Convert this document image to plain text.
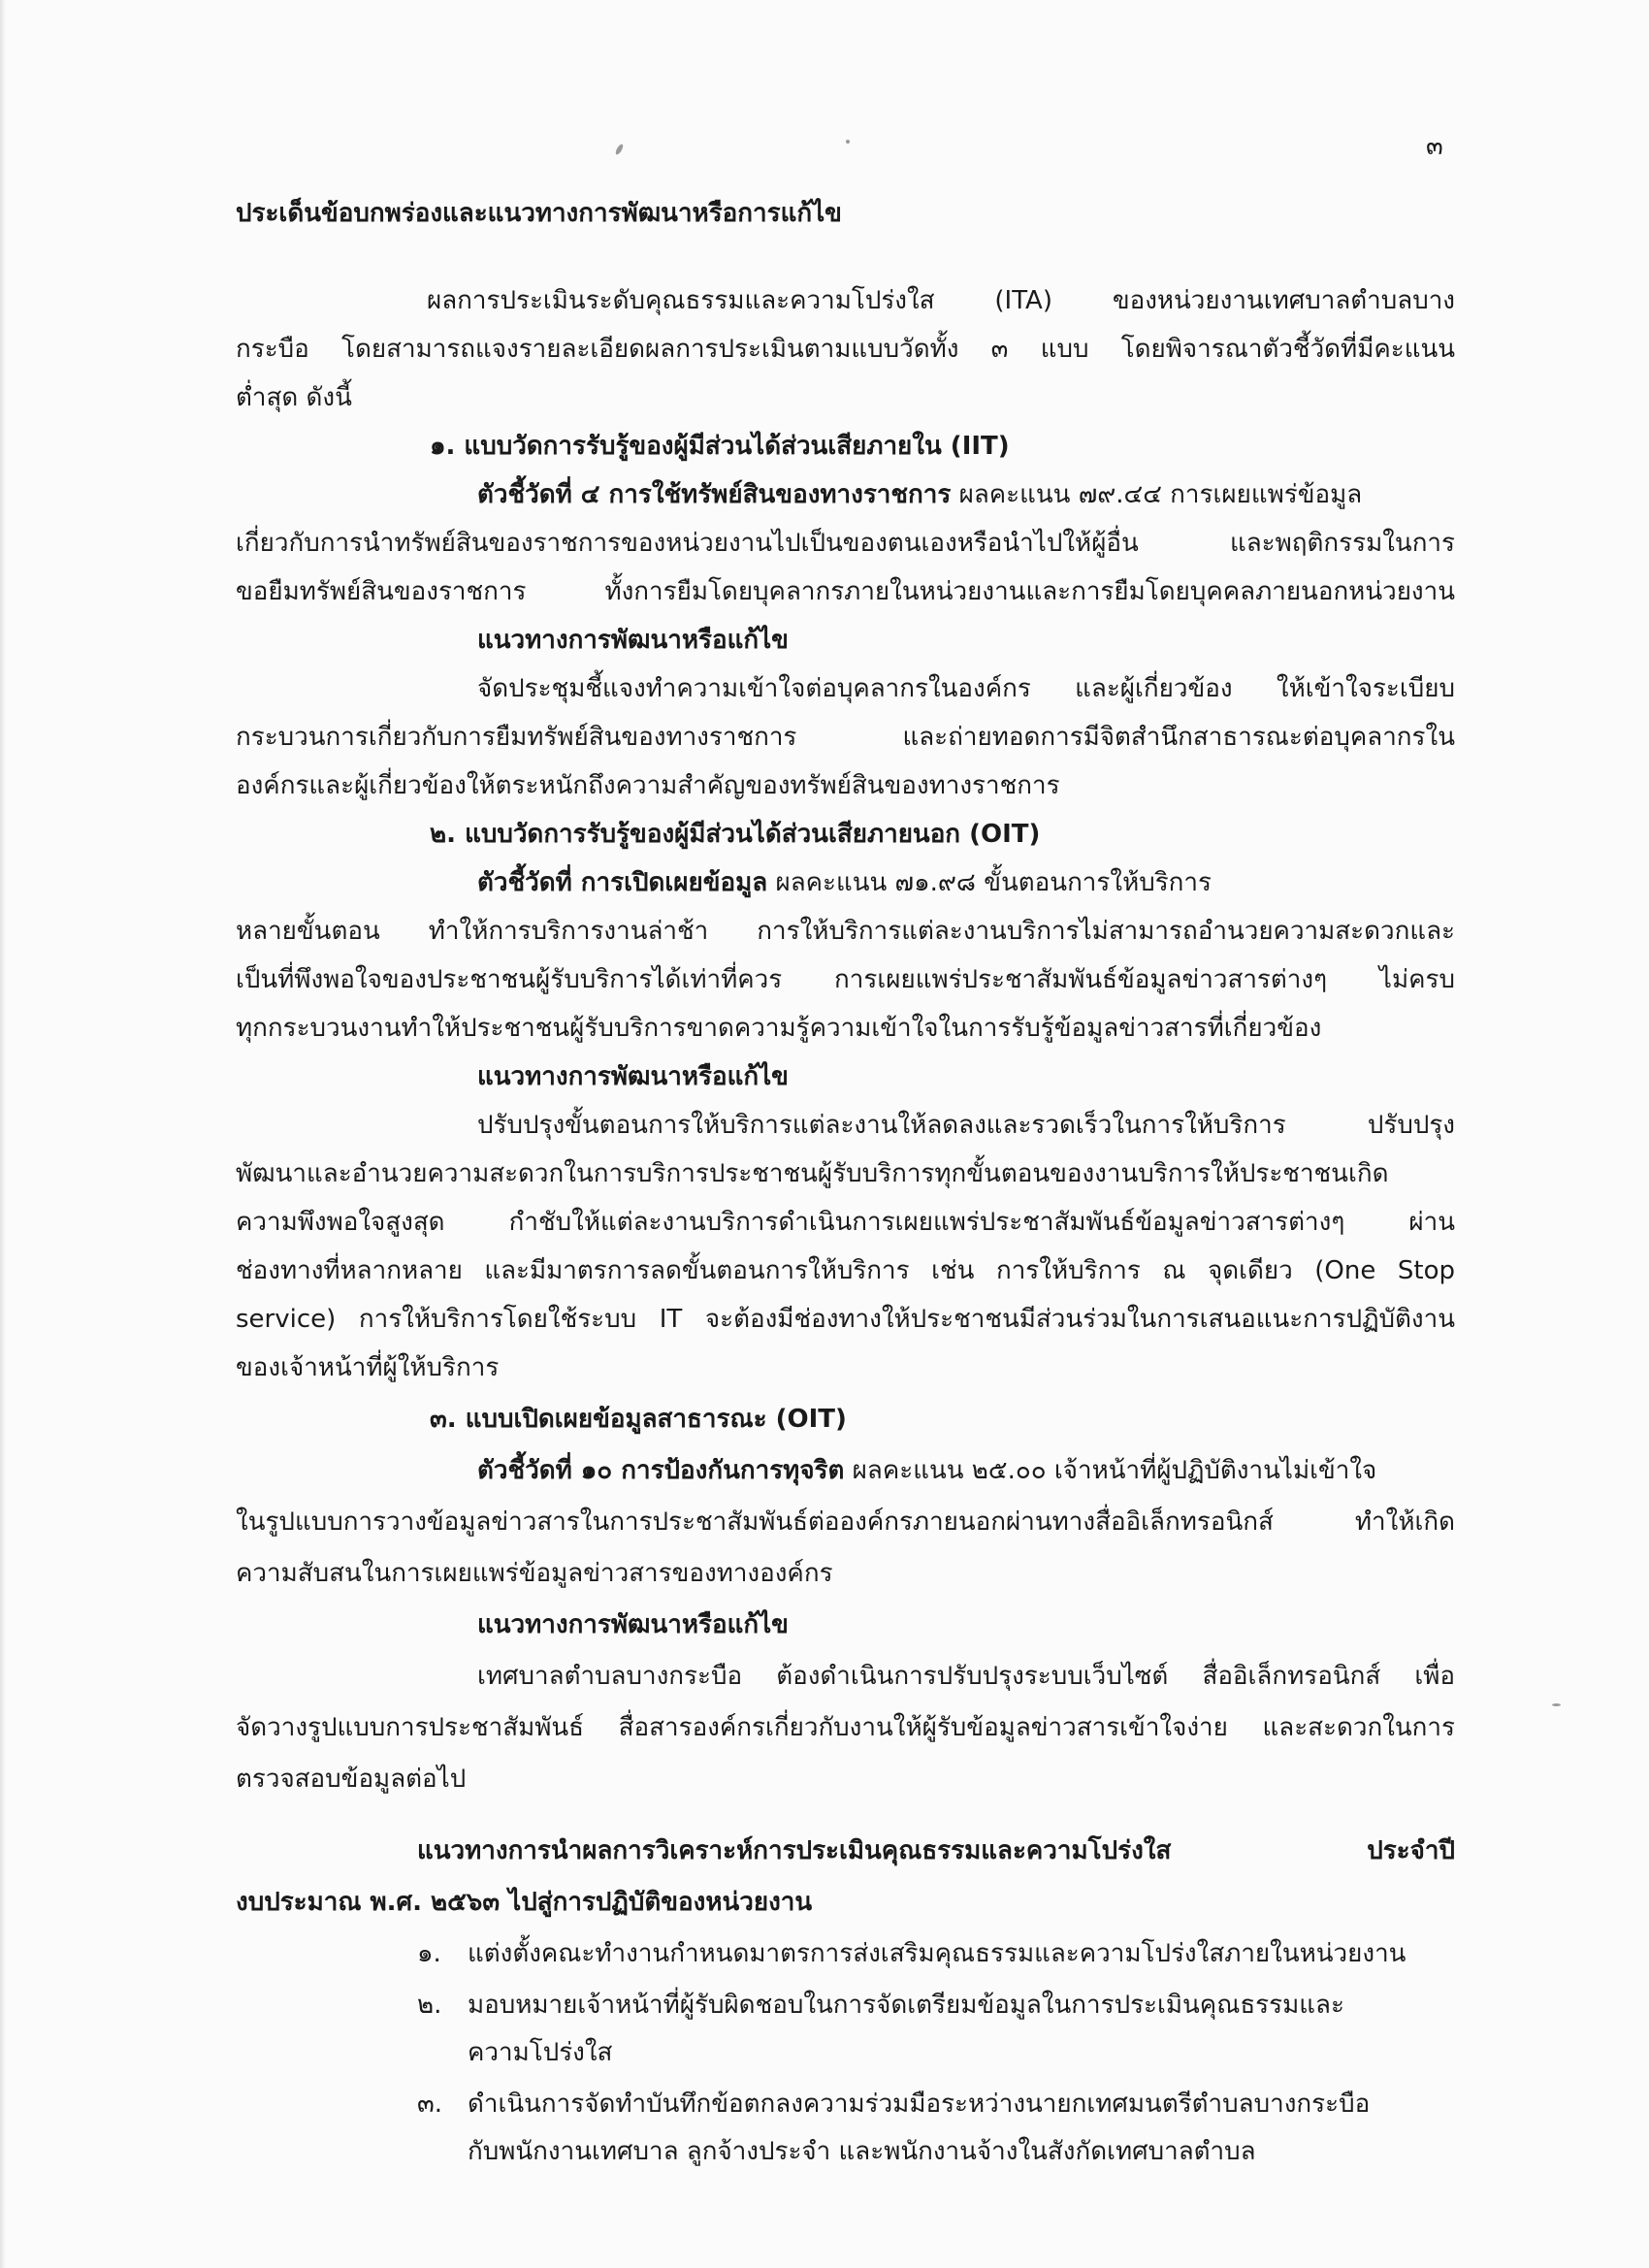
๓
ประเด็นข้อบกพร่องและแนวทางการพัฒนาหรือการแก้ไข
ผลการประเมินระดับคุณธรรมและความโปร่งใส (ITA) ของหน่วยงานเทศบาลตำบลบาง
กระบือ โดยสามารถแจงรายละเอียดผลการประเมินตามแบบวัดทั้ง ๓ แบบ โดยพิจารณาตัวชี้วัดที่มีคะแนน
ต่ำสุด ดังนี้
๑. แบบวัดการรับรู้ของผู้มีส่วนได้ส่วนเสียภายใน (IIT)
ตัวชี้วัดที่ ๔ การใช้ทรัพย์สินของทางราชการ ผลคะแนน ๗๙.๔๔ การเผยแพร่ข้อมูล
เกี่ยวกับการนำทรัพย์สินของราชการของหน่วยงานไปเป็นของตนเองหรือนำไปให้ผู้อื่น และพฤติกรรมในการ
ขอยืมทรัพย์สินของราชการ ทั้งการยืมโดยบุคลากรภายในหน่วยงานและการยืมโดยบุคคลภายนอกหน่วยงาน
แนวทางการพัฒนาหรือแก้ไข
จัดประชุมชี้แจงทำความเข้าใจต่อบุคลากรในองค์กร และผู้เกี่ยวข้อง ให้เข้าใจระเบียบ
กระบวนการเกี่ยวกับการยืมทรัพย์สินของทางราชการ และถ่ายทอดการมีจิตสำนึกสาธารณะต่อบุคลากรใน
องค์กรและผู้เกี่ยวข้องให้ตระหนักถึงความสำคัญของทรัพย์สินของทางราชการ
๒. แบบวัดการรับรู้ของผู้มีส่วนได้ส่วนเสียภายนอก (OIT)
ตัวชี้วัดที่ การเปิดเผยข้อมูล ผลคะแนน ๗๑.๙๘ ขั้นตอนการให้บริการ
หลายขั้นตอน ทำให้การบริการงานล่าช้า การให้บริการแต่ละงานบริการไม่สามารถอำนวยความสะดวกและ
เป็นที่พึงพอใจของประชาชนผู้รับบริการได้เท่าที่ควร การเผยแพร่ประชาสัมพันธ์ข้อมูลข่าวสารต่างๆ ไม่ครบ
ทุกกระบวนงานทำให้ประชาชนผู้รับบริการขาดความรู้ความเข้าใจในการรับรู้ข้อมูลข่าวสารที่เกี่ยวข้อง
แนวทางการพัฒนาหรือแก้ไข
ปรับปรุงขั้นตอนการให้บริการแต่ละงานให้ลดลงและรวดเร็วในการให้บริการ ปรับปรุง
พัฒนาและอำนวยความสะดวกในการบริการประชาชนผู้รับบริการทุกขั้นตอนของงานบริการให้ประชาชนเกิด
ความพึงพอใจสูงสุด กำชับให้แต่ละงานบริการดำเนินการเผยแพร่ประชาสัมพันธ์ข้อมูลข่าวสารต่างๆ ผ่าน
ช่องทางที่หลากหลาย และมีมาตรการลดขั้นตอนการให้บริการ เช่น การให้บริการ ณ จุดเดียว (One Stop
service) การให้บริการโดยใช้ระบบ IT จะต้องมีช่องทางให้ประชาชนมีส่วนร่วมในการเสนอแนะการปฏิบัติงาน
ของเจ้าหน้าที่ผู้ให้บริการ
๓. แบบเปิดเผยข้อมูลสาธารณะ (OIT)
ตัวชี้วัดที่ ๑๐ การป้องกันการทุจริต ผลคะแนน ๒๕.๐๐ เจ้าหน้าที่ผู้ปฏิบัติงานไม่เข้าใจ
ในรูปแบบการวางข้อมูลข่าวสารในการประชาสัมพันธ์ต่อองค์กรภายนอกผ่านทางสื่ออิเล็กทรอนิกส์ ทำให้เกิด
ความสับสนในการเผยแพร่ข้อมูลข่าวสารของทางองค์กร
แนวทางการพัฒนาหรือแก้ไข
เทศบาลตำบลบางกระบือ ต้องดำเนินการปรับปรุงระบบเว็บไซต์ สื่ออิเล็กทรอนิกส์ เพื่อ
จัดวางรูปแบบการประชาสัมพันธ์ สื่อสารองค์กรเกี่ยวกับงานให้ผู้รับข้อมูลข่าวสารเข้าใจง่าย และสะดวกในการ
ตรวจสอบข้อมูลต่อไป
แนวทางการนำผลการวิเคราะห์การประเมินคุณธรรมและความโปร่งใส ประจำปี
งบประมาณ พ.ศ. ๒๕๖๓ ไปสู่การปฏิบัติของหน่วยงาน
๑. แต่งตั้งคณะทำงานกำหนดมาตรการส่งเสริมคุณธรรมและความโปร่งใสภายในหน่วยงาน
๒. มอบหมายเจ้าหน้าที่ผู้รับผิดชอบในการจัดเตรียมข้อมูลในการประเมินคุณธรรมและ
ความโปร่งใส
๓. ดำเนินการจัดทำบันทึกข้อตกลงความร่วมมือระหว่างนายกเทศมนตรีตำบลบางกระบือ
กับพนักงานเทศบาล ลูกจ้างประจำ และพนักงานจ้างในสังกัดเทศบาลตำบล
